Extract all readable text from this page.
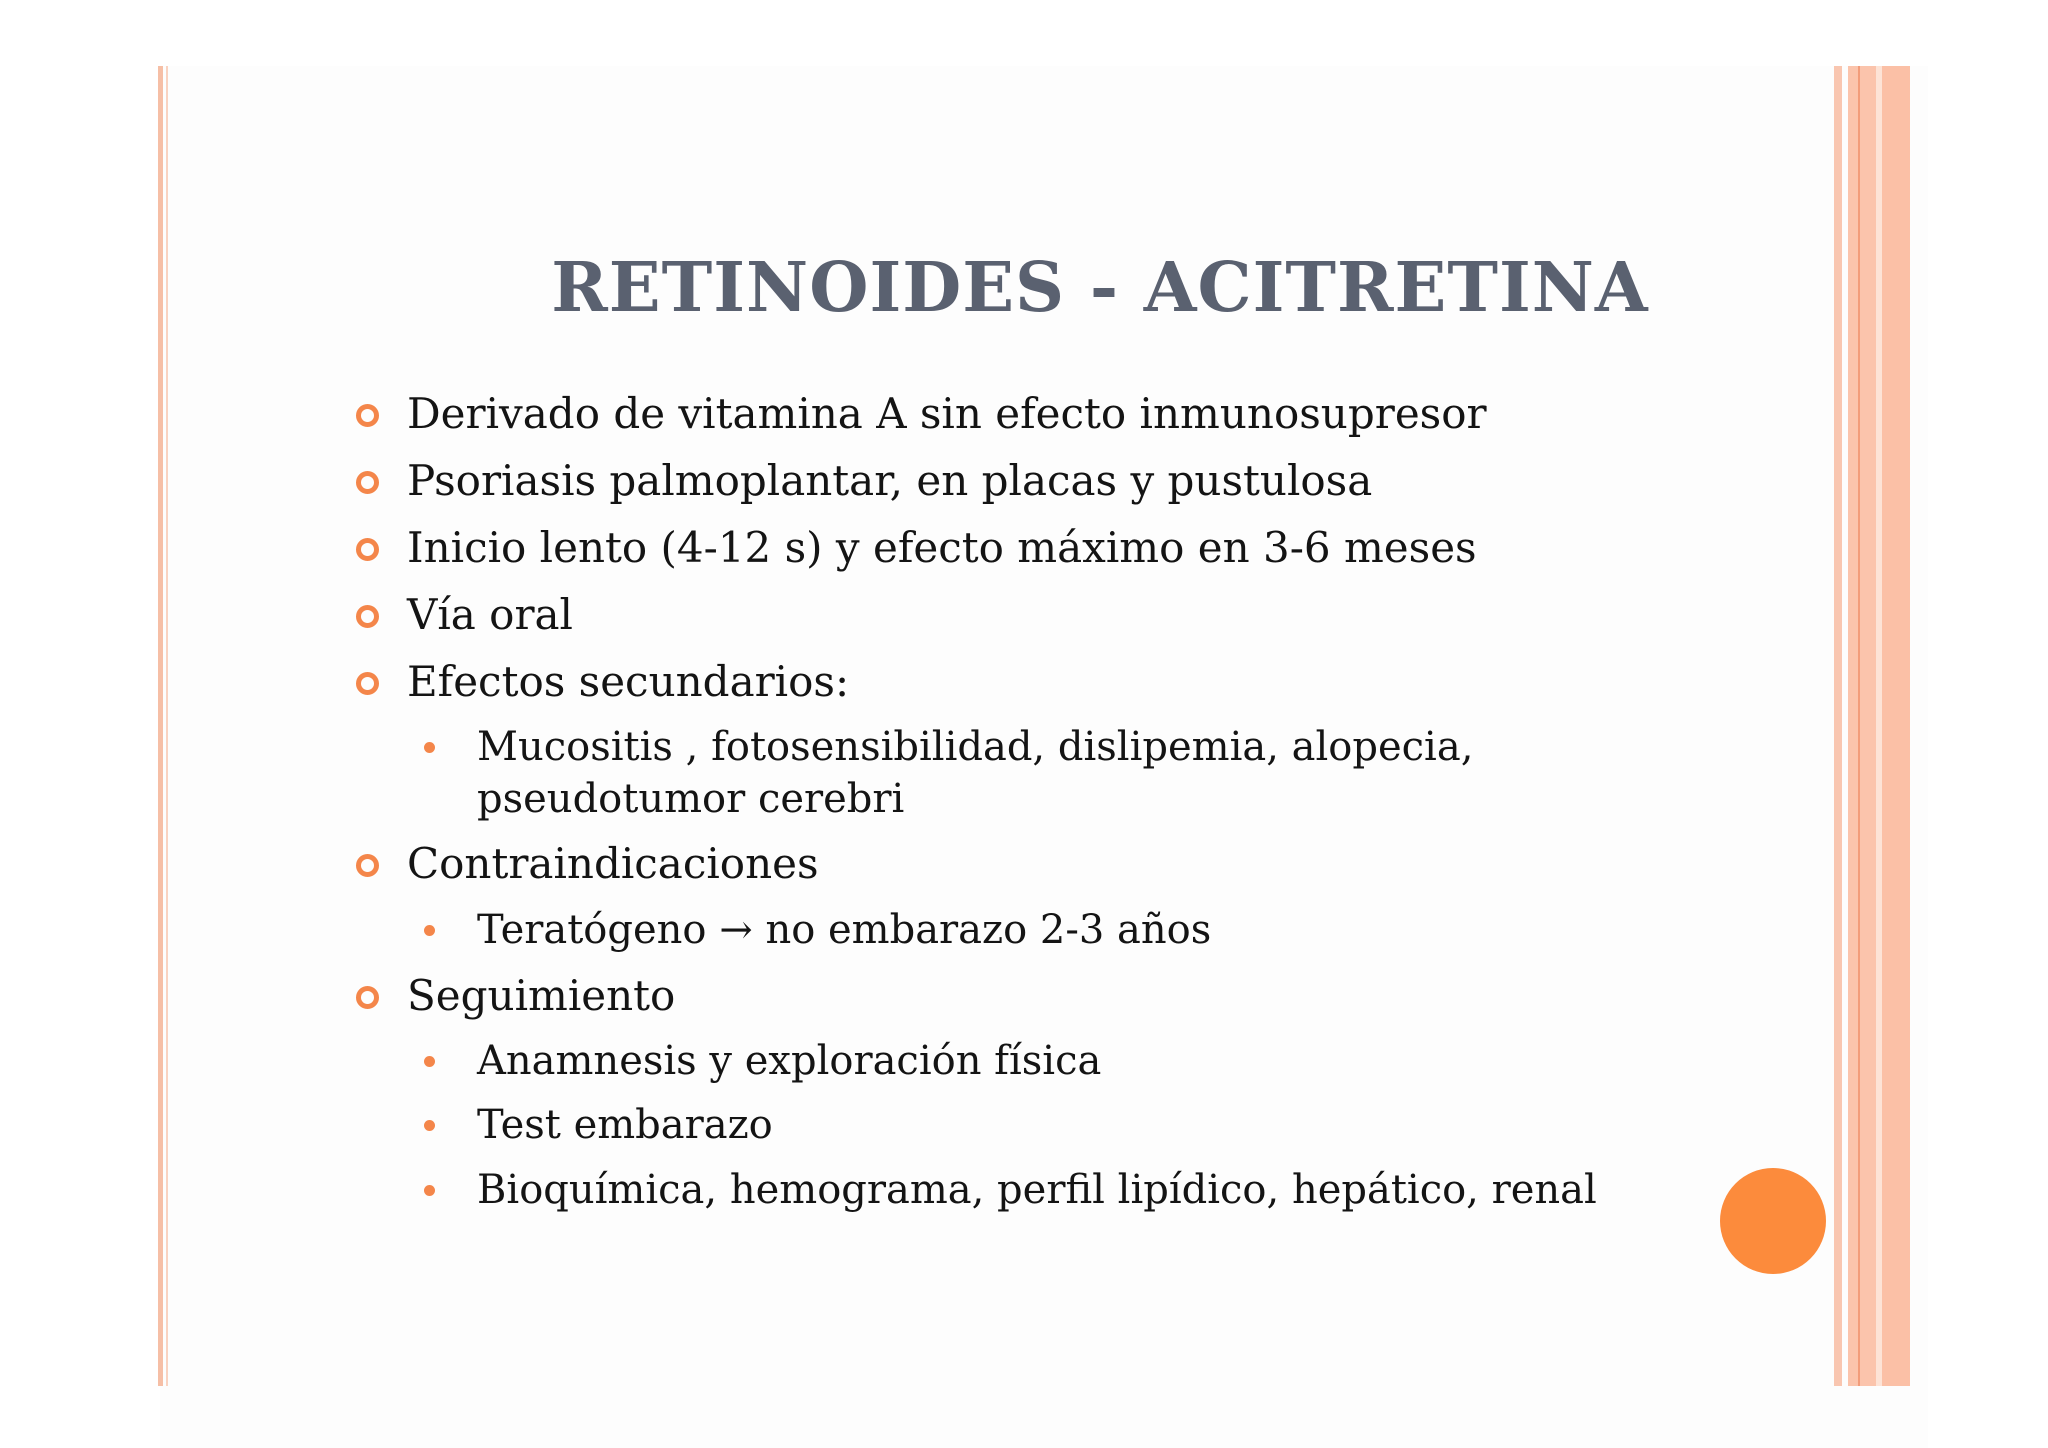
RETINOIDES - ACITRETINA
Derivado de vitamina A sin efecto inmunosupresor
Psoriasis palmoplantar, en placas y pustulosa
Inicio lento (4-12 s) y efecto máximo en 3-6 meses
Vía oral
Efectos secundarios:
Mucositis , fotosensibilidad, dislipemia, alopecia,
pseudotumor cerebri
Contraindicaciones
Teratógeno → no embarazo 2-3 años
Seguimiento
Anamnesis y exploración física
Test embarazo
Bioquímica, hemograma, perfil lipídico, hepático, renal
